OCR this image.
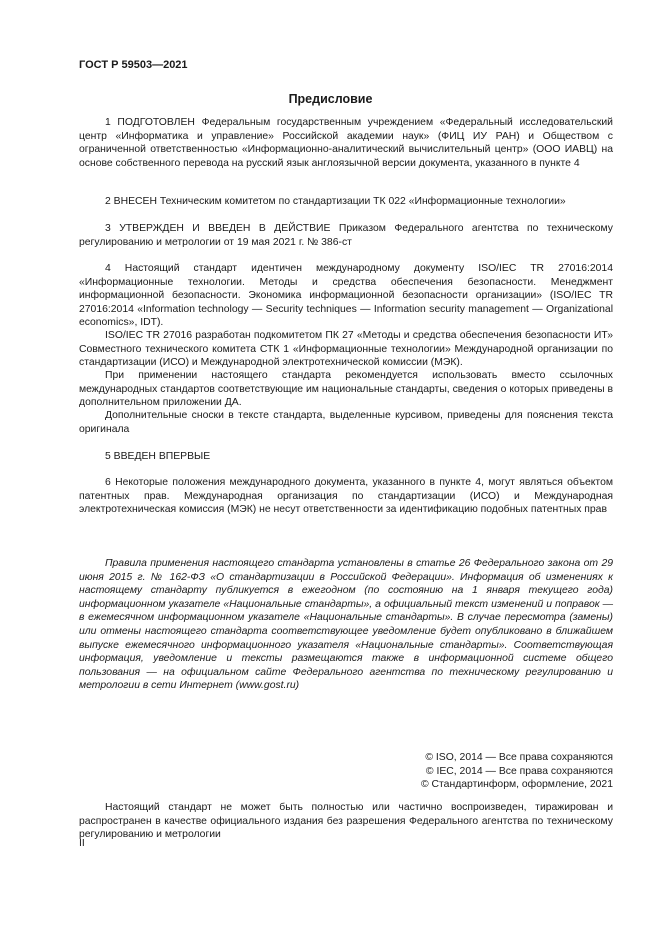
ГОСТ Р 59503—2021
Предисловие

1 ПОДГОТОВЛЕН Федеральным государственным учреждением «Федеральный исследовательский центр «Информатика и управление» Российской академии наук» (ФИЦ ИУ РАН) и Обществом с ограниченной ответственностью «Информационно-аналитический вычислительный центр» (ООО ИАВЦ) на основе собственного перевода на русский язык англоязычной версии документа, указанного в пункте 4

2 ВНЕСЕН Техническим комитетом по стандартизации ТК 022 «Информационные технологии»

3 УТВЕРЖДЕН И ВВЕДЕН В ДЕЙСТВИЕ Приказом Федерального агентства по техническому регулированию и метрологии от 19 мая 2021 г. № 386-ст

4 Настоящий стандарт идентичен международному документу ISO/IEC TR 27016:2014 «Информационные технологии. Методы и средства обеспечения безопасности. Менеджмент информационной безопасности. Экономика информационной безопасности организации» (ISO/IEC TR 27016:2014 «Information technology — Security techniques — Information security management — Organizational economics», IDT).

ISO/IEC TR 27016 разработан подкомитетом ПК 27 «Методы и средства обеспечения безопасности ИТ» Совместного технического комитета СТК 1 «Информационные технологии» Международной организации по стандартизации (ИСО) и Международной электротехнической комиссии (МЭК).

При применении настоящего стандарта рекомендуется использовать вместо ссылочных международных стандартов соответствующие им национальные стандарты, сведения о которых приведены в дополнительном приложении ДА.

Дополнительные сноски в тексте стандарта, выделенные курсивом, приведены для пояснения текста оригинала

5 ВВЕДЕН ВПЕРВЫЕ

6 Некоторые положения международного документа, указанного в пункте 4, могут являться объектом патентных прав. Международная организация по стандартизации (ИСО) и Международная электротехническая комиссия (МЭК) не несут ответственности за идентификацию подобных патентных прав

Правила применения настоящего стандарта установлены в статье 26 Федерального закона от 29 июня 2015 г. № 162-ФЗ «О стандартизации в Российской Федерации». Информация об изменениях к настоящему стандарту публикуется в ежегодном (по состоянию на 1 января текущего года) информационном указателе «Национальные стандарты», а официальный текст изменений и поправок — в ежемесячном информационном указателе «Национальные стандарты». В случае пересмотра (замены) или отмены настоящего стандарта соответствующее уведомление будет опубликовано в ближайшем выпуске ежемесячного информационного указателя «Национальные стандарты». Соответствующая информация, уведомление и тексты размещаются также в информационной системе общего пользования — на официальном сайте Федерального агентства по техническому регулированию и метрологии в сети Интернет (www.gost.ru)

© ISO, 2014 — Все права сохраняются
© IEC, 2014 — Все права сохраняются
© Стандартинформ, оформление, 2021

Настоящий стандарт не может быть полностью или частично воспроизведен, тиражирован и распространен в качестве официального издания без разрешения Федерального агентства по техническому регулированию и метрологии

II
